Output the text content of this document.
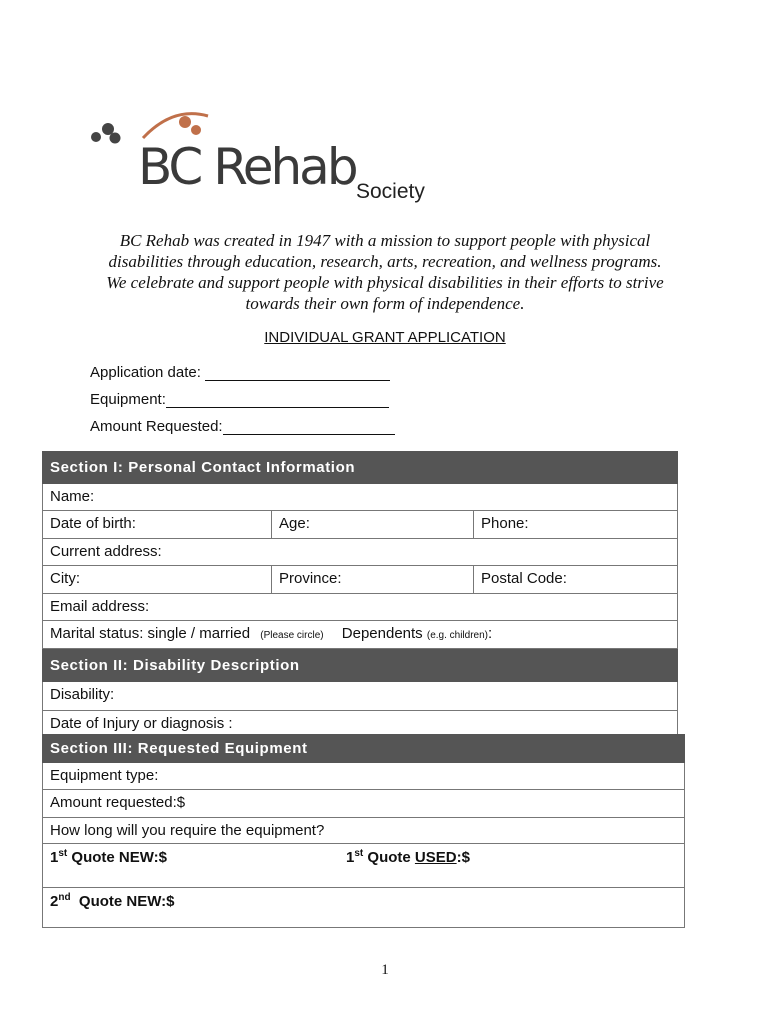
BC Rehab Society
BC Rehab was created in 1947 with a mission to support people with physical
disabilities through education, research, arts, recreation, and wellness programs.
We celebrate and support people with physical disabilities in their efforts to strive
towards their own form of independence.
INDIVIDUAL GRANT APPLICATION
Application date:
Equipment:
Amount Requested:
Section I: Personal Contact Information
Name:
Date of birth:	Age:	Phone:
Current address:
City:	Province:	Postal Code:
Email address:
Marital status: single / married (Please circle) Dependents (e.g. children):
Section II: Disability Description
Disability:
Date of Injury or diagnosis :
Section III: Requested Equipment
Equipment type:
Amount requested:$
How long will you require the equipment?
1st Quote NEW:$	1st Quote USED:$
2nd  Quote NEW:$
1
